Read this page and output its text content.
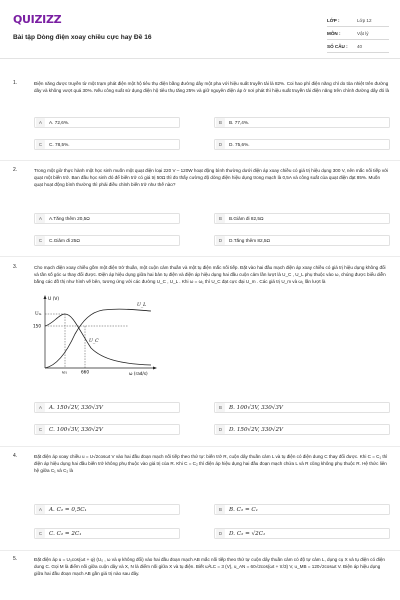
QUIZIZZ
Bài tập Dòng điện xoay chiều cực hay Đề 16
LỚP :	Lớp 12
MÔN :	Vật lý
SỐ CÂU :	40
1.	Điện năng được truyền từ một trạm phát điện một hộ tiêu thụ điện bằng đường dây một pha với hiệu suất truyền tải là 82%. Coi hao phí điện năng chỉ do tỏa nhiệt trên đường dây và không vượt quá 30%. Nếu công suất sử dụng điện hộ tiêu thụ tăng 25% và giữ nguyên điện áp ở nơi phát thì hiệu suất truyền tải điện năng trên chính đường dây đó là
A	A. 72,6%.	B	B. 77,4%.
C	C. 78,5%.	D	D. 75,6%.
2.	Trong một giờ thực hành một học sinh muốn một quạt điện loại 220 V – 120W hoạt động bình thường dưới điện áp xoay chiều có giá trị hiệu dụng 300 V, nên mắc nối tiếp với quạt một biến trở. Ban đầu học sinh đó để biến trở có giá trị 50Ω thì đo thấy cường độ dòng điện hiệu dụng trong mạch là 0,5A và công suất của quạt điện đạt 85%. Muốn quạt hoạt động bình thường thì phải điều chỉnh biến trở như thế nào?
A	A.Tăng thêm 20,5Ω	B	B.Giảm đi 82,5Ω
C	C.Giảm đi 25Ω	D	D.Tăng thêm 82,5Ω
3.	Cho mạch điện xoay chiều gồm một điện trở thuần, một cuộn cảm thuần và một tụ điện mắc nối tiếp. Đặt vào hai đầu mạch điện áp xoay chiều có giá trị hiệu dụng không đổi và tần số góc ω thay đổi được. Điện áp hiệu dụng giữa hai bản tụ điện và điện áp hiệu dụng hai đầu cuộn cảm lần lượt là U_C , U_L phụ thuộc vào ω, chúng được biểu diễn bằng các đồ thị như hình vẽ bên, tương ứng với các đường U_C , U_L . Khi ω = ω₁ thì U_C đạt cực đại U_m . Các giá trị U_m và ω₁ lần lượt là
U (V)
ω (rad/s)
Uₘ
150
ω₁	660
U_L
U_C
A	A. 150√2V, 330√3V	B	B. 100√3V, 330√3V
C	C. 100√3V, 330√2V	D	D. 150√2V, 330√2V
4.	Đặt điện áp xoay chiều u = U√2cosωt V vào hai đầu đoạn mạch nối tiếp theo thứ tự: biến trở R, cuộn dây thuần cảm L và tụ điện có điện dung C thay đổi được. Khi C = C₁ thì điện áp hiệu dụng hai đầu biến trở không phụ thuộc vào giá trị của R. Khi C = C₂ thì điện áp hiệu dụng hai đầu đoạn mạch chứa L và R cũng không phụ thuộc R. Hệ thức liên hệ giữa C₁ và C₂ là
A	A. C₂ = 0,5C₁	B	B. C₂ = C₁
C	C. C₂ = 2C₁	D	D. C₂ = √2C₁
5.	Đặt điện áp u = U₀cos(ωt + φ) (U₀ , ω và φ không đổi) vào hai đầu đoạn mạch AB mắc nối tiếp theo thứ tự cuộn dây thuần cảm có độ tự cảm L, dụng cụ X và tụ điện có điện dung C. Gọi M là điểm nối giữa cuộn dây và X, N là điểm nối giữa X và tụ điện. Biết ω²LC = 3 (V), u_AN = 60√2cos(ωt + π/3) V, u_MB = 120√2cosωt V. Điện áp hiệu dụng giữa hai đầu đoạn mạch AB gần giá trị nào sau đây.
